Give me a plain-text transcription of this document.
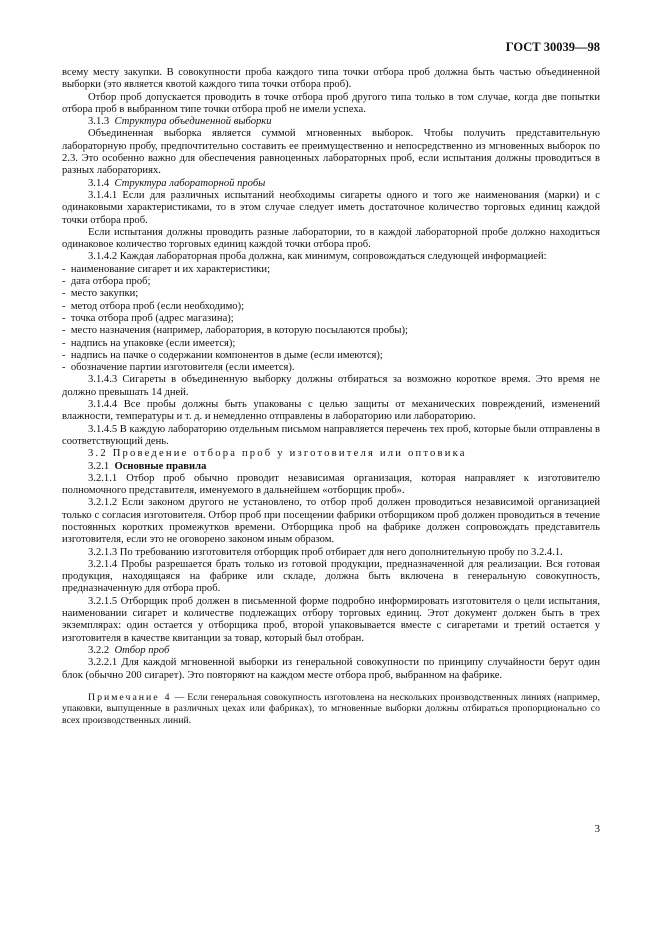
ГОСТ 30039—98

всему месту закупки. В совокупности проба каждого типа точки отбора проб должна быть частью объединенной выборки (это является квотой каждого типа точки отбора проб).

Отбор проб допускается проводить в точке отбора проб другого типа только в том случае, когда две попытки отбора проб в выбранном типе точки отбора проб не имели успеха.

3.1.3 Структура объединенной выборки

Объединенная выборка является суммой мгновенных выборок. Чтобы получить представительную лабораторную пробу, предпочтительно составить ее преимущественно и непосредственно из мгновенных выборок по 2.3. Это особенно важно для обеспечения равноценных лабораторных проб, если испытания должны проводиться в разных лабораториях.

3.1.4 Структура лабораторной пробы

3.1.4.1 Если для различных испытаний необходимы сигареты одного и того же наименования (марки) и с одинаковыми характеристиками, то в этом случае следует иметь достаточное количество торговых единиц каждой точки отбора проб.

Если испытания должны проводить разные лаборатории, то в каждой лабораторной пробе должно находиться одинаковое количество торговых единиц каждой точки отбора проб.

3.1.4.2 Каждая лабораторная проба должна, как минимум, сопровождаться следующей информацией:

-  наименование сигарет и их характеристики;
-  дата отбора проб;
-  место закупки;
-  метод отбора проб (если необходимо);
-  точка отбора проб (адрес магазина);
-  место назначения (например, лаборатория, в которую посылаются пробы);
-  надпись на упаковке (если имеется);
-  надпись на пачке о содержании компонентов в дыме (если имеются);
-  обозначение партии изготовителя (если имеется).

3.1.4.3 Сигареты в объединенную выборку должны отбираться за возможно короткое время. Это время не должно превышать 14 дней.

3.1.4.4 Все пробы должны быть упакованы с целью защиты от механических повреждений, изменений влажности, температуры и т. д. и немедленно отправлены в лабораторию или лабораторию.

3.1.4.5 В каждую лабораторию отдельным письмом направляется перечень тех проб, которые были отправлены в соответствующий день.

3.2 Проведение отбора проб у изготовителя или оптовика

3.2.1 Основные правила

3.2.1.1 Отбор проб обычно проводит независимая организация, которая направляет к изготовителю полномочного представителя, именуемого в дальнейшем «отборщик проб».

3.2.1.2 Если законом другого не установлено, то отбор проб должен проводиться независимой организацией только с согласия изготовителя. Отбор проб при посещении фабрики отборщиком проб должен проводиться в течение постоянных коротких промежутков времени. Отборщика проб на фабрике должен сопровождать представитель изготовителя, если это не оговорено законом иным образом.

3.2.1.3 По требованию изготовителя отборщик проб отбирает для него дополнительную пробу по 3.2.4.1.

3.2.1.4 Пробы разрешается брать только из готовой продукции, предназначенной для реализации. Вся готовая продукция, находящаяся на фабрике или складе, должна быть включена в генеральную совокупность, предназначенную для отбора проб.

3.2.1.5 Отборщик проб должен в письменной форме подробно информировать изготовителя о цели испытания, наименовании сигарет и количестве подлежащих отбору торговых единиц. Этот документ должен быть в трех экземплярах: один остается у отборщика проб, второй упаковывается вместе с сигаретами и третий остается у изготовителя в качестве квитанции за товар, который был отобран.

3.2.2 Отбор проб

3.2.2.1 Для каждой мгновенной выборки из генеральной совокупности по принципу случайности берут один блок (обычно 200 сигарет). Это повторяют на каждом месте отбора проб, выбранном на фабрике.

Примечание 4 — Если генеральная совокупность изготовлена на нескольких производственных линиях (например, упаковки, выпущенные в различных цехах или фабриках), то мгновенные выборки должны отбираться пропорционально со всех производственных линий.

3
